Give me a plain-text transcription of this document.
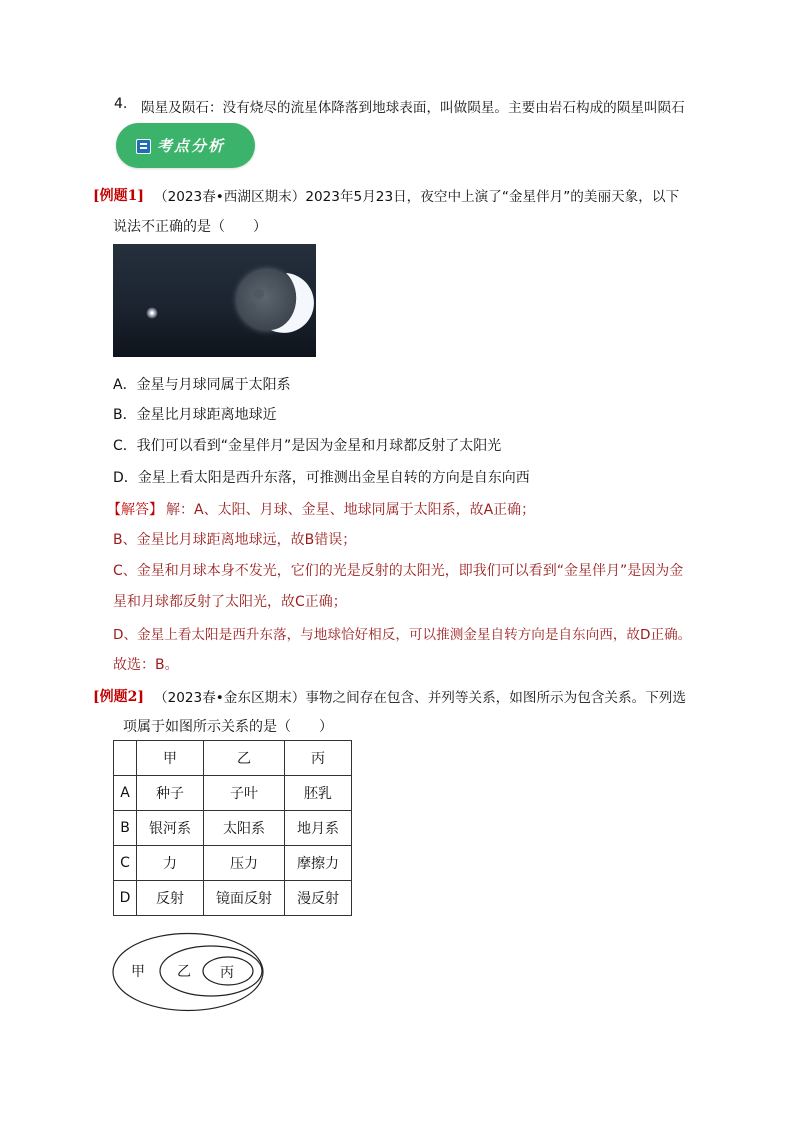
4. 陨星及陨石：没有烧尽的流星体降落到地球表面，叫做陨星。主要由岩石构成的陨星叫陨石
考点分析
[例题1] （2023春•西湖区期末）2023年5月23日，夜空中上演了“金星伴月”的美丽天象，以下
说法不正确的是（　　）
A．金星与月球同属于太阳系
B．金星比月球距离地球近
C．我们可以看到“金星伴月”是因为金星和月球都反射了太阳光
D．金星上看太阳是西升东落，可推测出金星自转的方向是自东向西
【解答】 解：A、太阳、月球、金星、地球同属于太阳系，故A正确；
B、金星比月球距离地球远，故B错误；
C、金星和月球本身不发光，它们的光是反射的太阳光，即我们可以看到“金星伴月”是因为金
星和月球都反射了太阳光，故C正确；
D、金星上看太阳是西升东落，与地球恰好相反，可以推测金星自转方向是自东向西，故D正确。
故选：B。
[例题2] （2023春•金东区期末）事物之间存在包含、并列等关系，如图所示为包含关系。下列选
项属于如图所示关系的是（　　）
	甲	乙	丙
A	种子	子叶	胚乳
B	银河系	太阳系	地月系
C	力	压力	摩擦力
D	反射	镜面反射	漫反射
甲 乙 丙
